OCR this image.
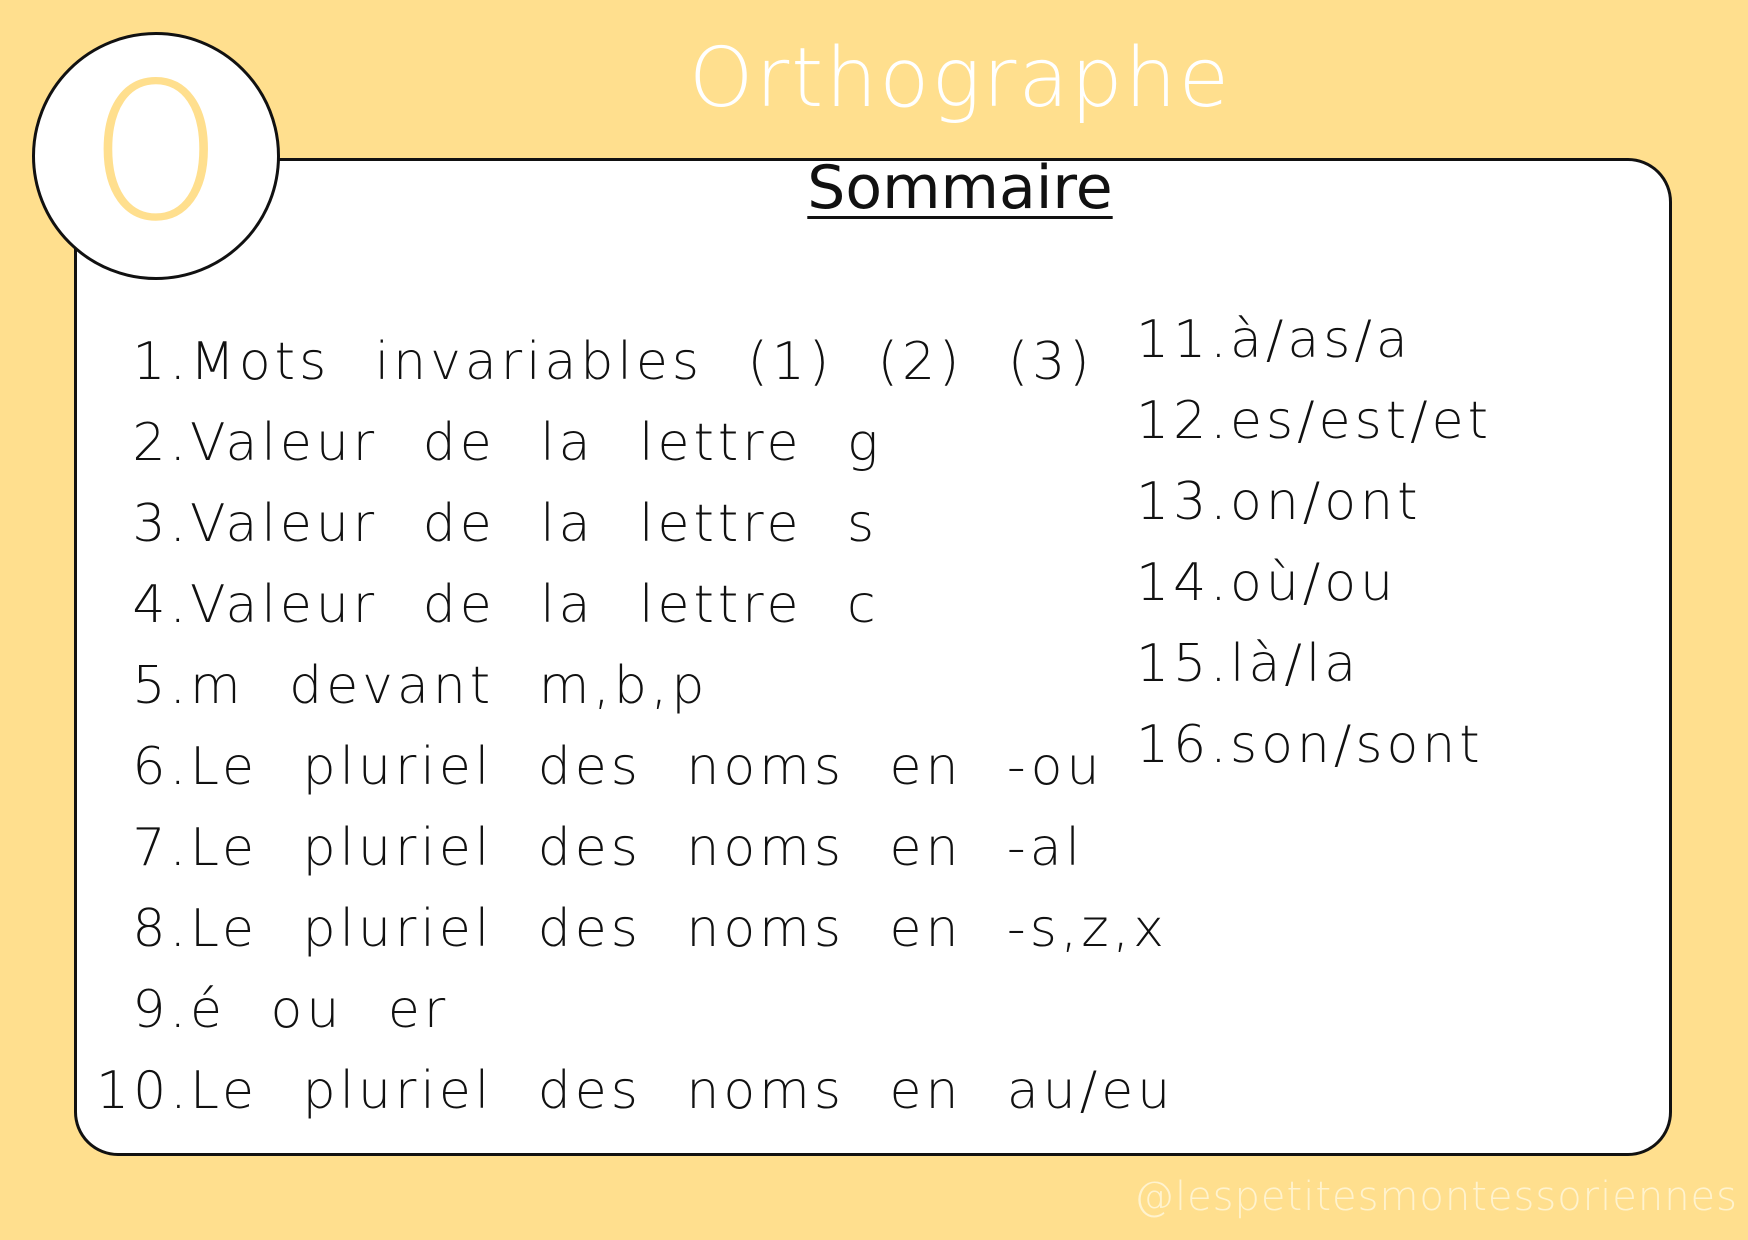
O	Orthographe
Sommaire
1. Mots invariables (1) (2) (3)
2. Valeur de la lettre g
3. Valeur de la lettre s
4. Valeur de la lettre c
5. m devant m,b,p
6. Le pluriel des noms en -ou
7. Le pluriel des noms en -al
8. Le pluriel des noms en -s,z,x
9. é ou er
10. Le pluriel des noms en au/eu
11. à/as/a
12. es/est/et
13. on/ont
14. où/ou
15. là/la
16. son/sont
@lespetitesmontessoriennes
